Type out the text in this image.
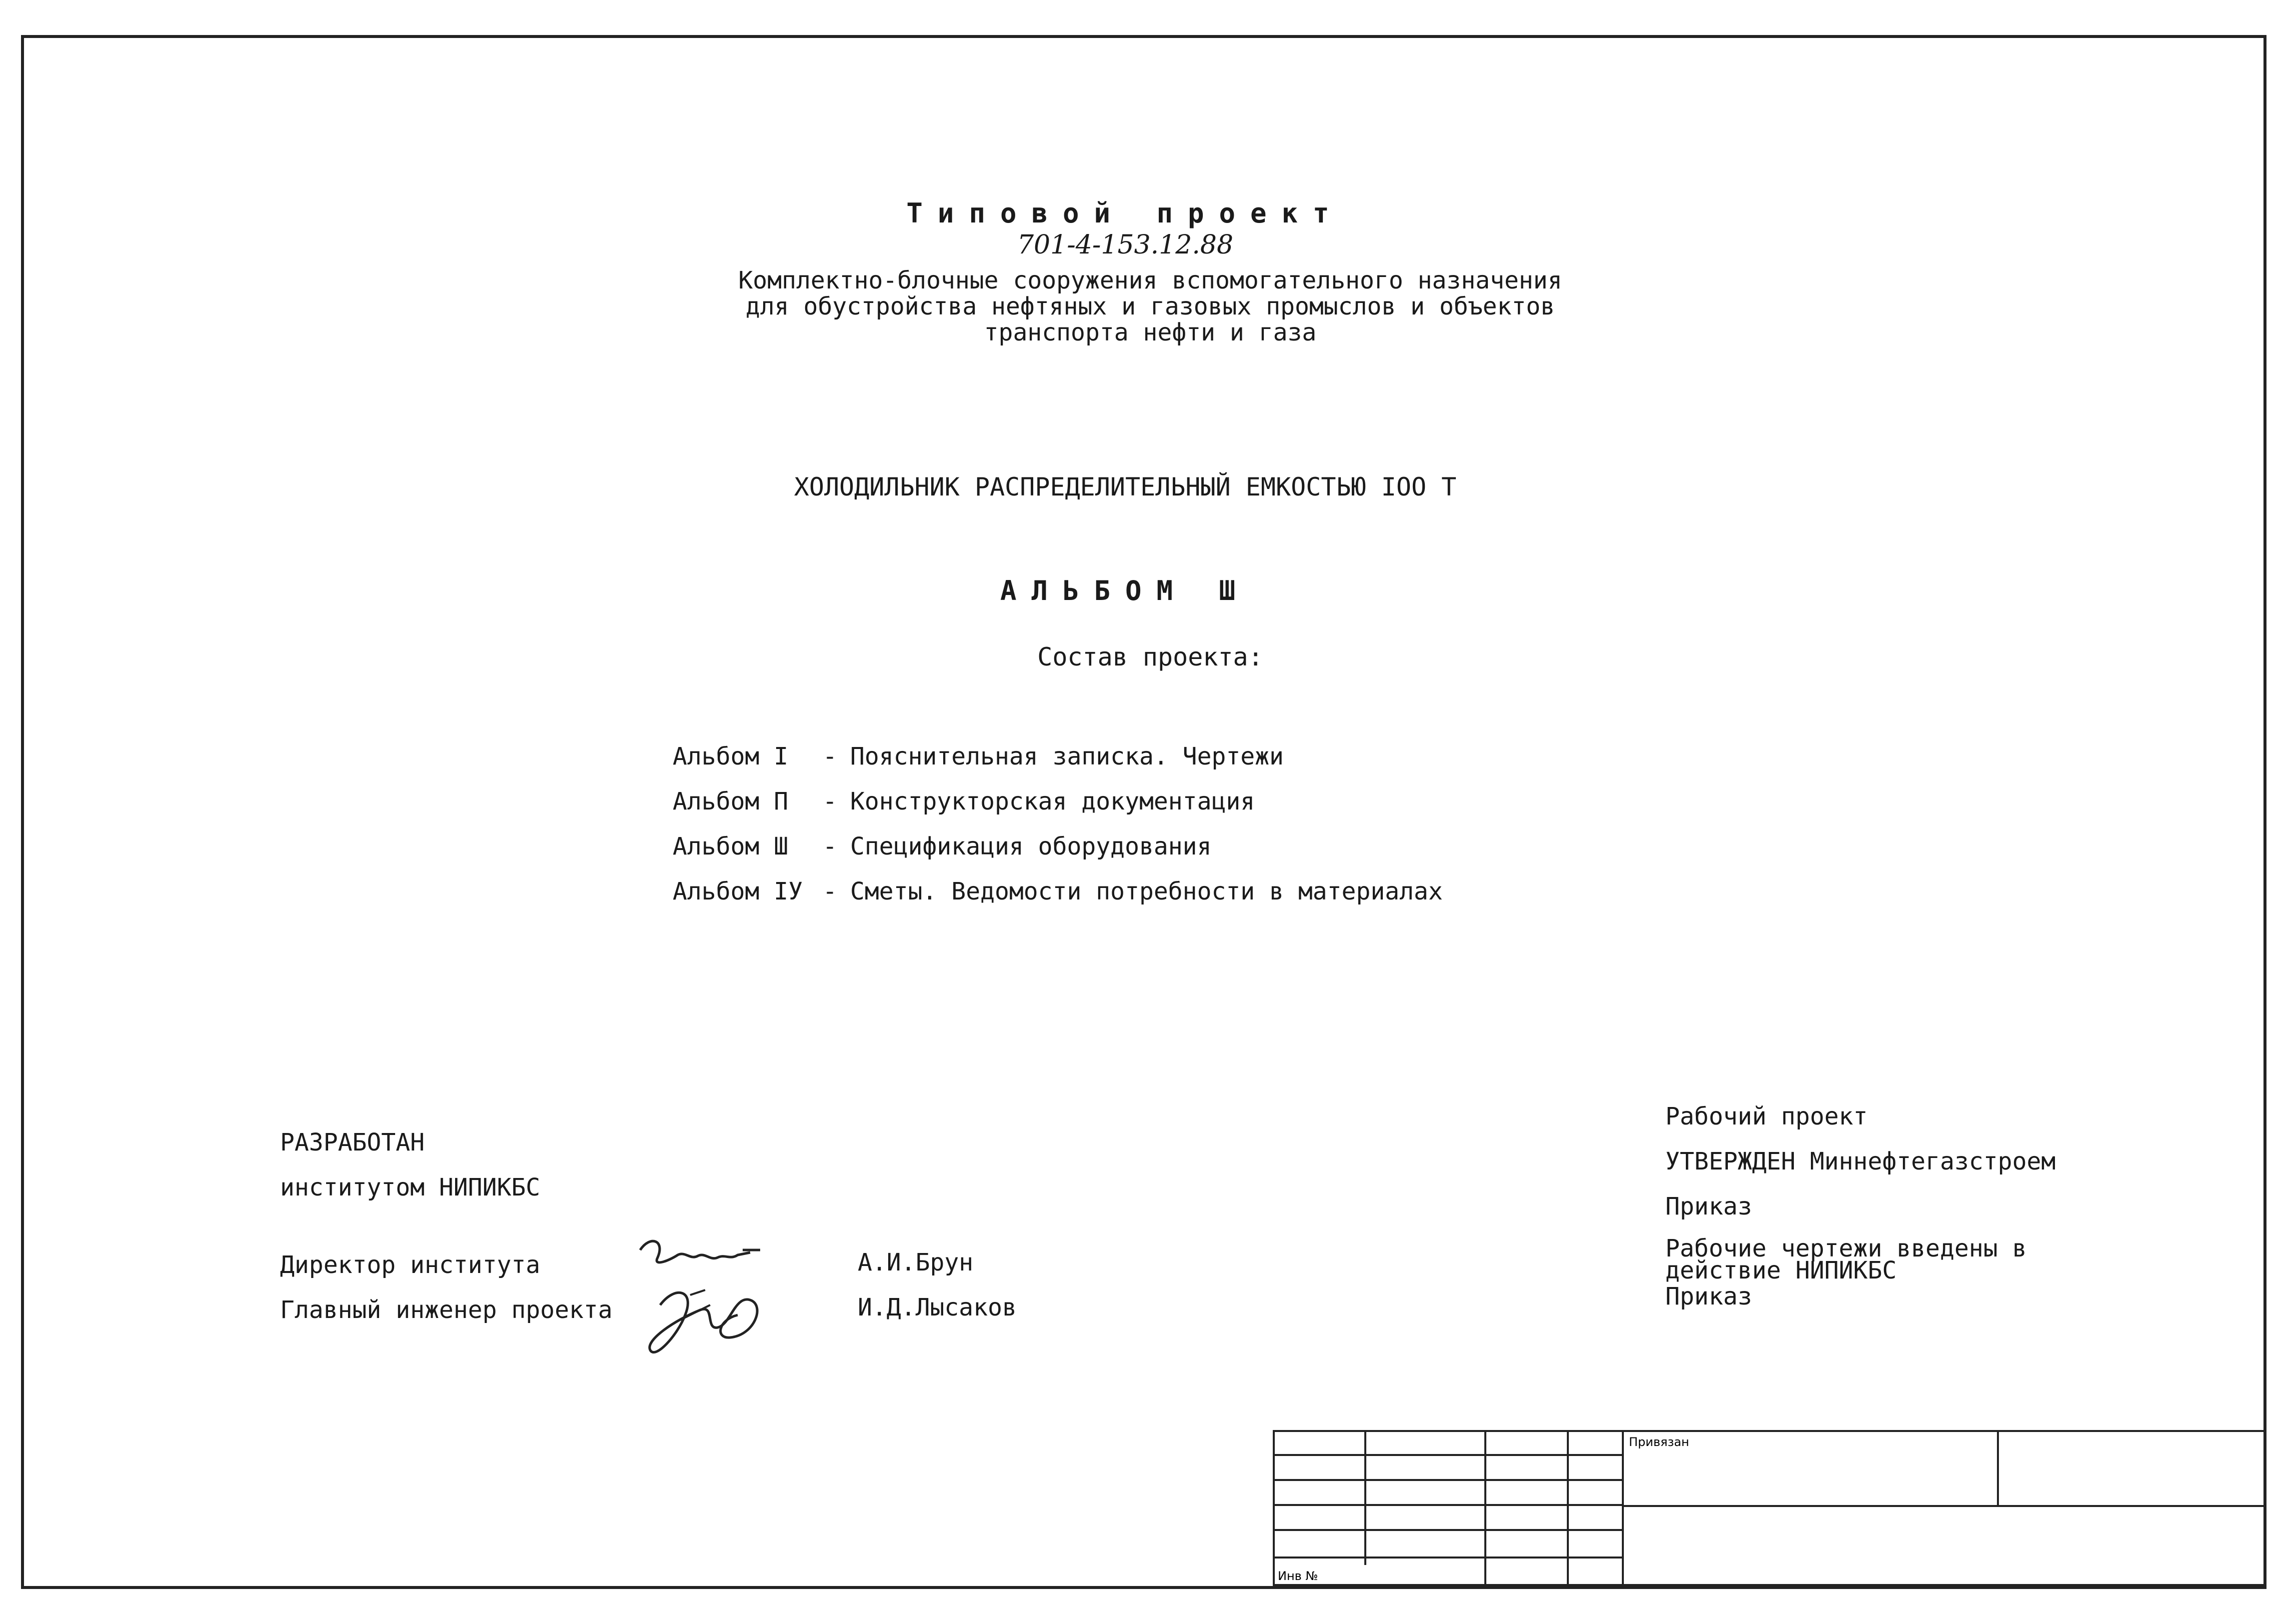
Типовой проект
701-4-153.12.88
Комплектно-блочные сооружения вспомогательного назначения
для обустройства нефтяных и газовых промыслов и объектов
транспорта нефти и газа
ХОЛОДИЛЬНИК РАСПРЕДЕЛИТЕЛЬНЫЙ ЕМКОСТЬЮ IOO Т
АЛЬБОМ Ш
Состав проекта:
Альбом I	- Пояснительная записка. Чертежи
Альбом П	- Конструкторская документация
Альбом Ш	- Спецификация оборудования
Альбом IУ - Сметы. Ведомости потребности в материалах
РАЗРАБОТАН
институтом НИПИКБС
Директор института
Главный инженер проекта
А.И.Брун
И.Д.Лысаков
Рабочий проект
УТВЕРЖДЕН Миннефтегазстроем
Приказ
Рабочие чертежи введены в
действие НИПИКБС
Приказ
Привязан
Инв №
